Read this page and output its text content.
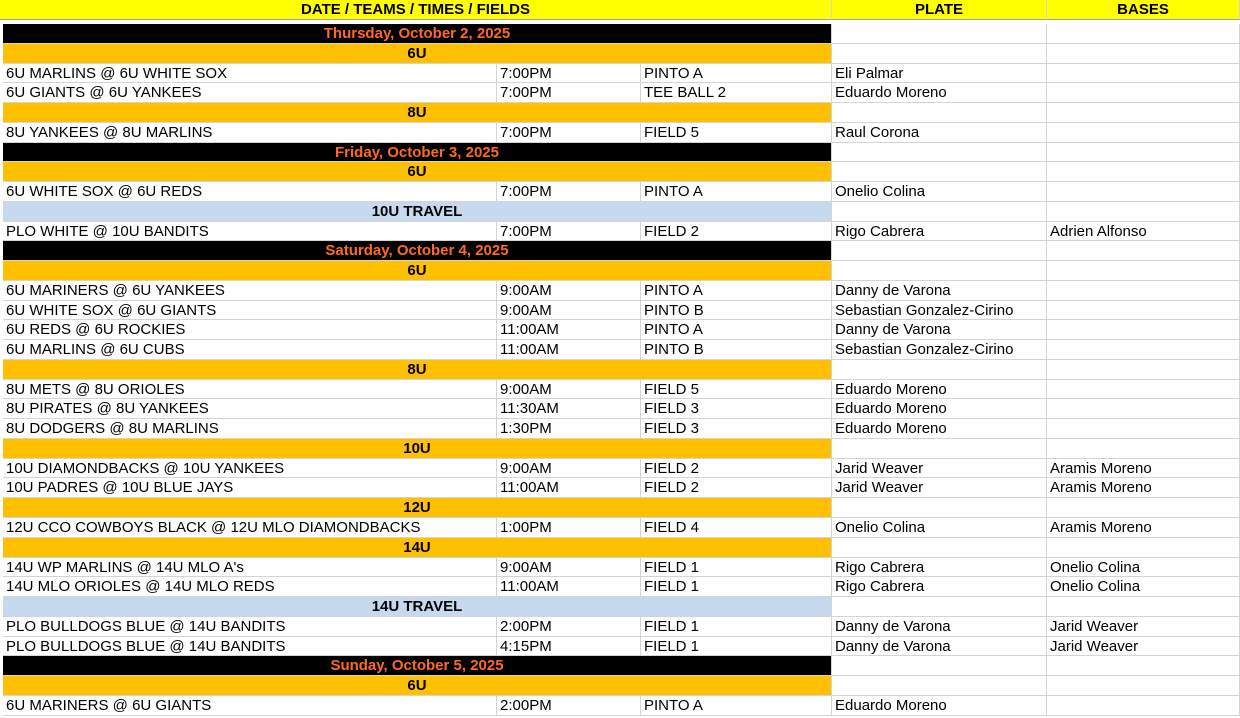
DATE / TEAMS / TIMES / FIELDS	PLATE	BASES
Thursday, October 2, 2025
6U
6U MARLINS @ 6U WHITE SOX	7:00PM	PINTO A	Eli Palmar
6U GIANTS @ 6U YANKEES	7:00PM	TEE BALL 2	Eduardo Moreno
8U
8U YANKEES @ 8U MARLINS	7:00PM	FIELD 5	Raul Corona
Friday, October 3, 2025
6U
6U WHITE SOX @ 6U REDS	7:00PM	PINTO A	Onelio Colina
10U TRAVEL
PLO WHITE @ 10U BANDITS	7:00PM	FIELD 2	Rigo Cabrera	Adrien Alfonso
Saturday, October 4, 2025
6U
6U MARINERS @ 6U YANKEES	9:00AM	PINTO A	Danny de Varona
6U WHITE SOX @ 6U GIANTS	9:00AM	PINTO B	Sebastian Gonzalez-Cirino
6U REDS @ 6U ROCKIES	11:00AM	PINTO A	Danny de Varona
6U MARLINS @ 6U CUBS	11:00AM	PINTO B	Sebastian Gonzalez-Cirino
8U
8U METS @ 8U ORIOLES	9:00AM	FIELD 5	Eduardo Moreno
8U PIRATES @ 8U YANKEES	11:30AM	FIELD 3	Eduardo Moreno
8U DODGERS @ 8U MARLINS	1:30PM	FIELD 3	Eduardo Moreno
10U
10U DIAMONDBACKS @ 10U YANKEES	9:00AM	FIELD 2	Jarid Weaver	Aramis Moreno
10U PADRES @ 10U BLUE JAYS	11:00AM	FIELD 2	Jarid Weaver	Aramis Moreno
12U
12U CCO COWBOYS BLACK @ 12U MLO DIAMONDBACKS	1:00PM	FIELD 4	Onelio Colina	Aramis Moreno
14U
14U WP MARLINS @ 14U MLO A's	9:00AM	FIELD 1	Rigo Cabrera	Onelio Colina
14U MLO ORIOLES @ 14U MLO REDS	11:00AM	FIELD 1	Rigo Cabrera	Onelio Colina
14U TRAVEL
PLO BULLDOGS BLUE @ 14U BANDITS	2:00PM	FIELD 1	Danny de Varona	Jarid Weaver
PLO BULLDOGS BLUE @ 14U BANDITS	4:15PM	FIELD 1	Danny de Varona	Jarid Weaver
Sunday, October 5, 2025
6U
6U MARINERS @ 6U GIANTS	2:00PM	PINTO A	Eduardo Moreno
